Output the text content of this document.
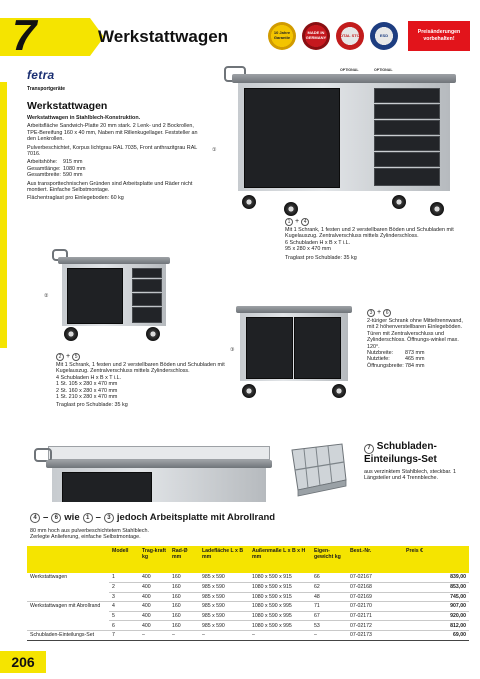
7	Werkstattwagen	10 Jahre Garantie
MADE IN GERMANY	TOTAL STOP	ESD
OPTIONAL	OPTIONAL
Preisänderungen vorbehalten!
fetra
Transportgeräte
Werkstattwagen

Werkstattwagen in Stahlblech-Konstruktion.

Arbeitsfläche Sandwich-Platte 20 mm stark. 2 Lenk- und 2 Bockrollen, TPE-Bereifung 160 x 40 mm, Naben mit Rillenkugellager. Feststeller an den Lenkrollen.

Pulverbeschichtet, Korpus lichtgrau RAL 7035, Front anthrazitgrau RAL 7016.

Arbeitshöhe:	915 mm
Gesamtlänge: 1080 mm
Gesamtbreite: 590 mm

Aus transporttechnischen Gründen sind Arbeitsplatte und Räder nicht montiert. Einfache Selbstmontage.

Flächentraglast pro Einlegeboden: 60 kg

①
1 + 4
Mit 1 Schrank, 1 festen und 2 verstellbaren Böden und Schubladen mit Kugelauszug. Zentralverschluss mittels Zylinderschloss.
6 Schubladen H x B x T i.L.
95 x 280 x 470 mm
Traglast pro Schublade: 35 kg
②
2 + 5
Mit 1 Schrank, 1 festen und 2 verstellbaren Böden und Schubladen mit Kugelauszug. Zentralverschluss mittels Zylinderschloss.
4 Schubladen H x B x T i.L.
1 St. 105 x 280 x 470 mm
2 St. 160 x 280 x 470 mm
1 St. 210 x 280 x 470 mm
Traglast pro Schublade: 35 kg
③
3 + 6
2-türiger Schrank ohne Mitteltrennwand, mit 2 höhenverstellbaren Einlegeböden. Türen mit Zentralverschluss und Zylinderschloss. Öffnungs-winkel max. 120°.
Nutzbreite:	873 mm
Nutztiefe:	465 mm
Öffnungsbreite: 784 mm
7 Schubladen-
Einteilungs-Set
aus verzinktem Stahlblech, steckbar. 1 Längsteiler und 4 Trennbleche.
4 –	6 wie	1 –	3 jedoch Arbeitsplatte mit Abrollrand
80 mm hoch aus pulverbeschichtetem Stahlblech.
Zerlegte Anlieferung, einfache Selbstmontage.
	Modell	Trag-kraft kg	Rad-Ø mm	Ladefläche L x B mm	Außenmaße L x B x H mm	Eigen-gewicht kg	Best.-Nr.	Preis €
Werkstattwagen	1	400	160	985 x 590	1080 x 590 x 915	66	07-02167	839,00
	2	400	160	985 x 590	1080 x 590 x 915	62	07-02168	853,00
	3	400	160	985 x 590	1080 x 590 x 915	48	07-02169	745,00
Werkstattwagen mit Abrollrand	4	400	160	985 x 590	1080 x 590 x 995	71	07-02170	907,00
	5	400	160	985 x 590	1080 x 590 x 995	67	07-02171	920,00
	6	400	160	985 x 590	1080 x 590 x 995	53	07-02172	812,00
Schubladen-Einteilungs-Set	7	–	–	–	–	–	07-02173	69,00
206
